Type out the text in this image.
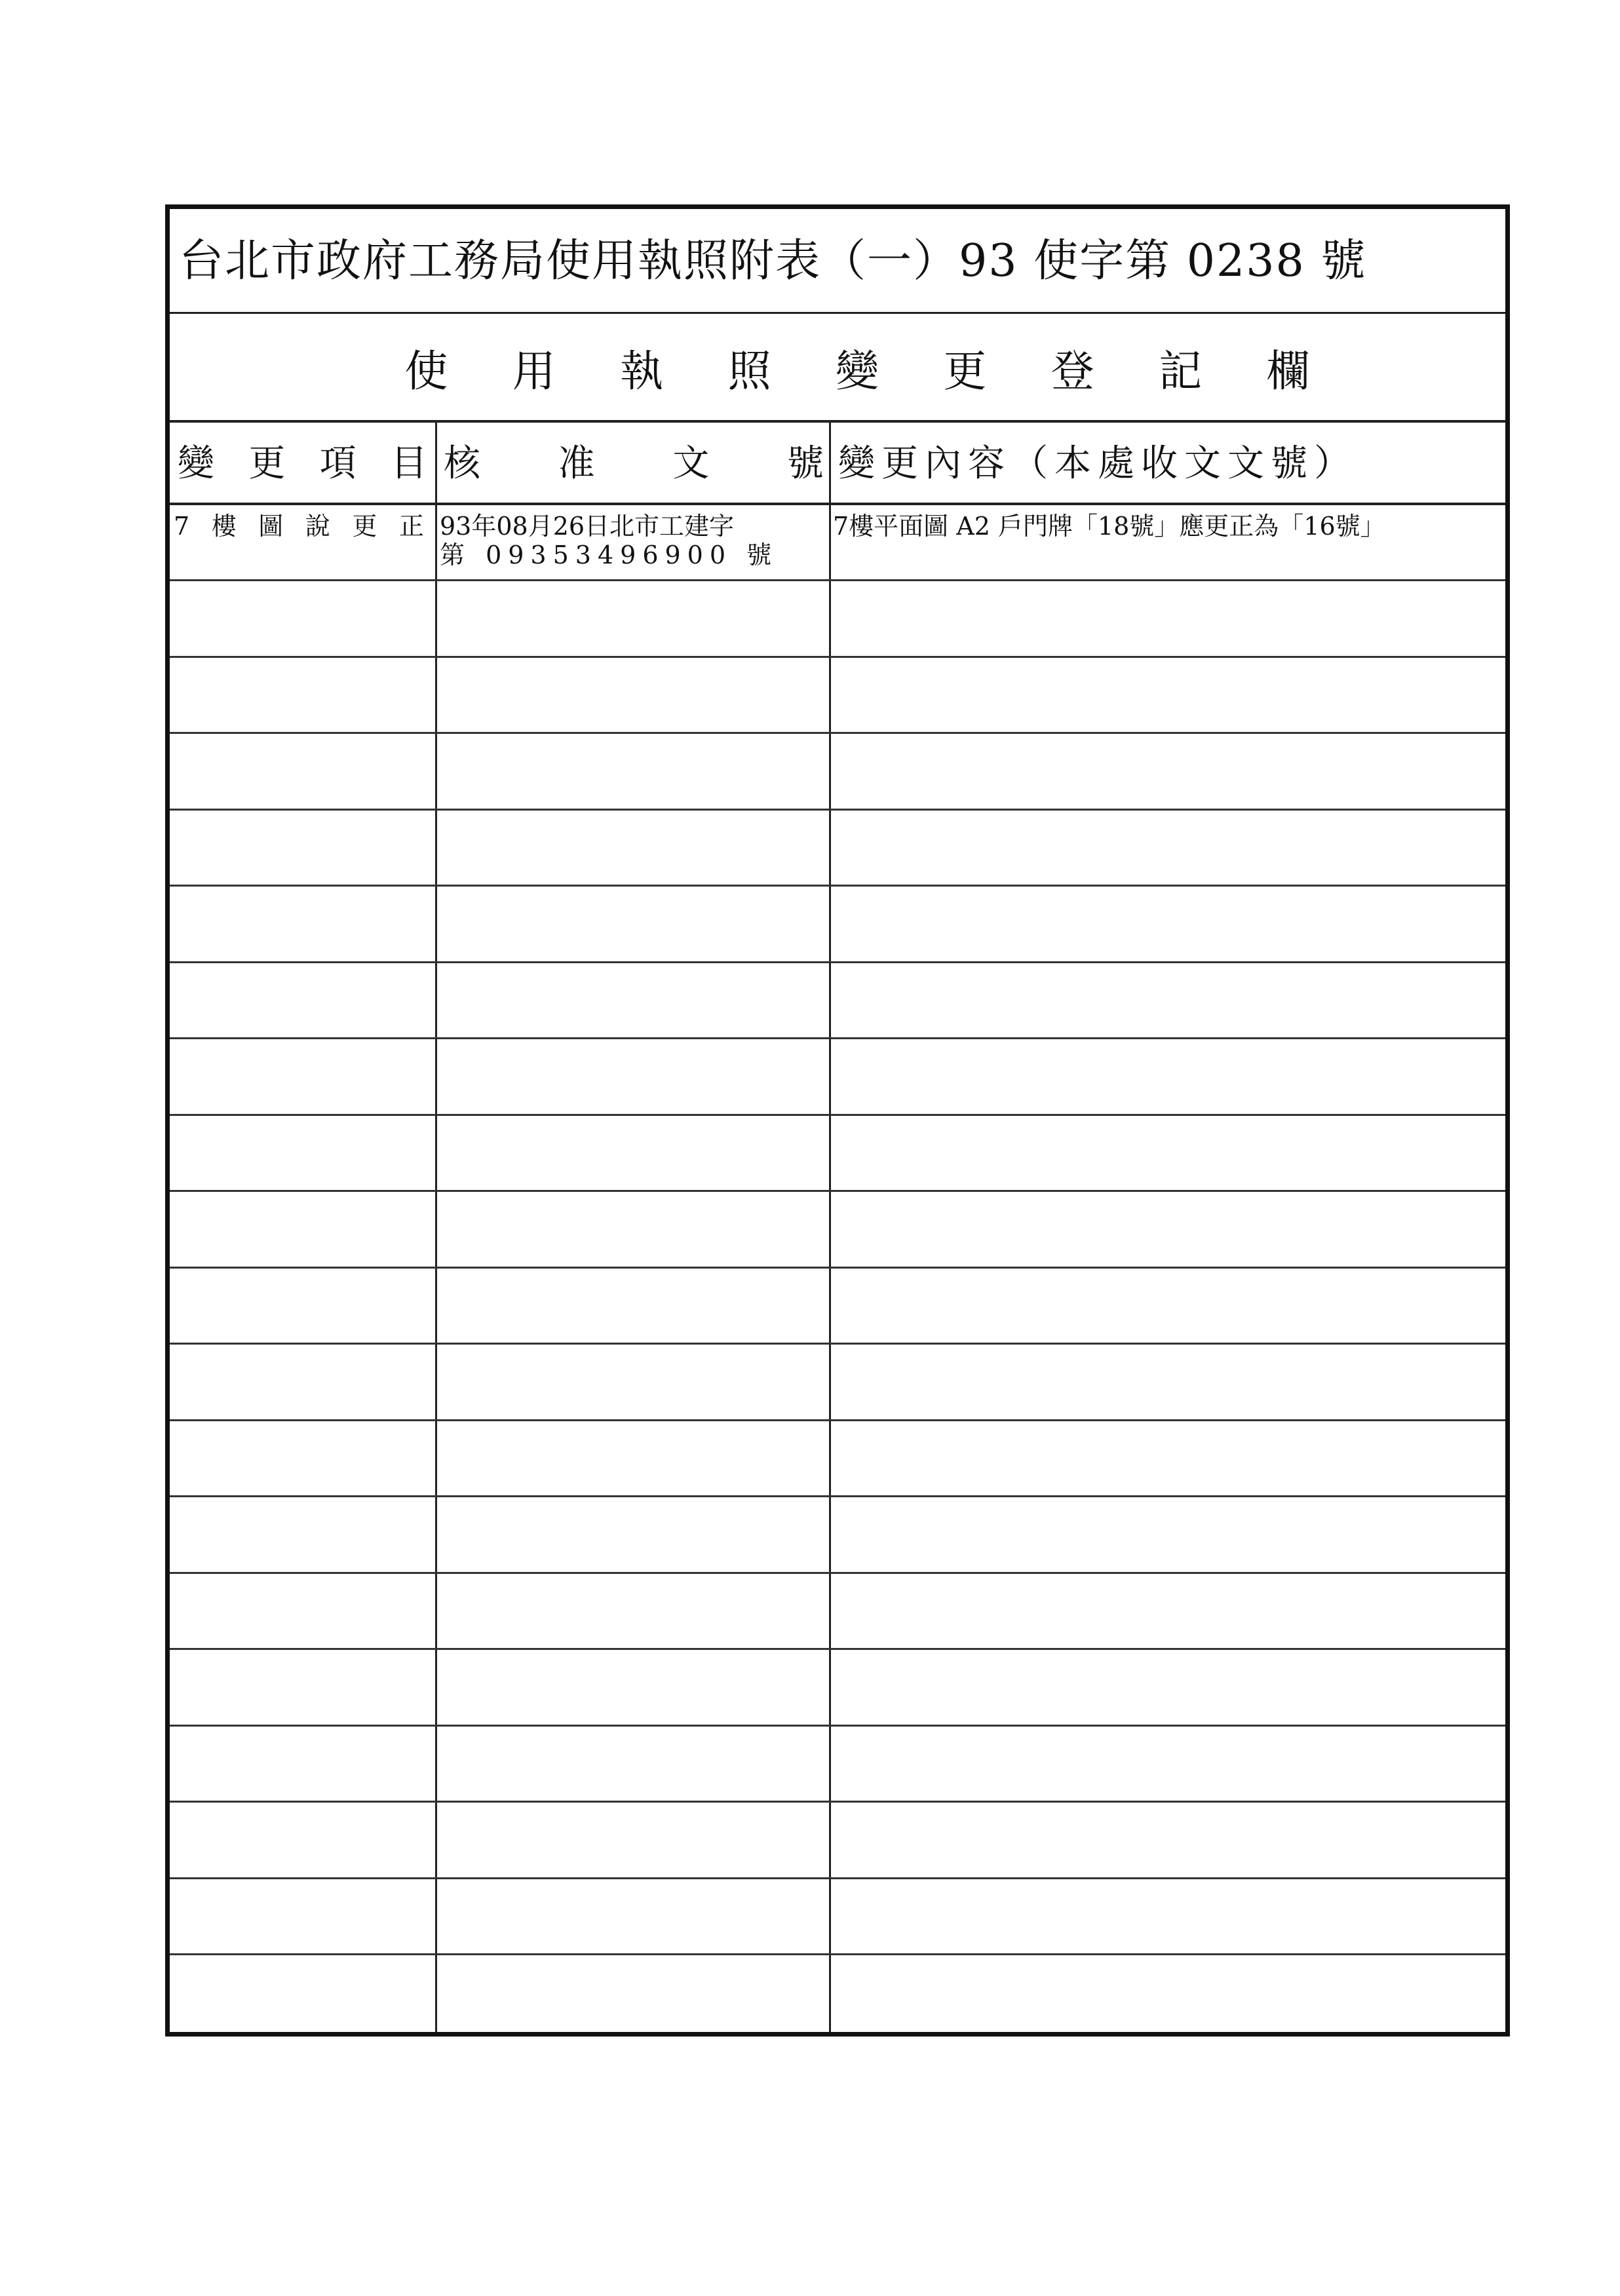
台北市政府工務局使用執照附表（一）93 使字第 0238 號
使 用 執 照 變 更 登 記 欄
變 更 項 目 核 准 文 號 變更內容（本處收文文號）
7 樓 圖 說 更 正 93年08月26日北市工建字
第 09353496900 號
7樓平面圖 A2 戶門牌「18號」應更正為「16號」
